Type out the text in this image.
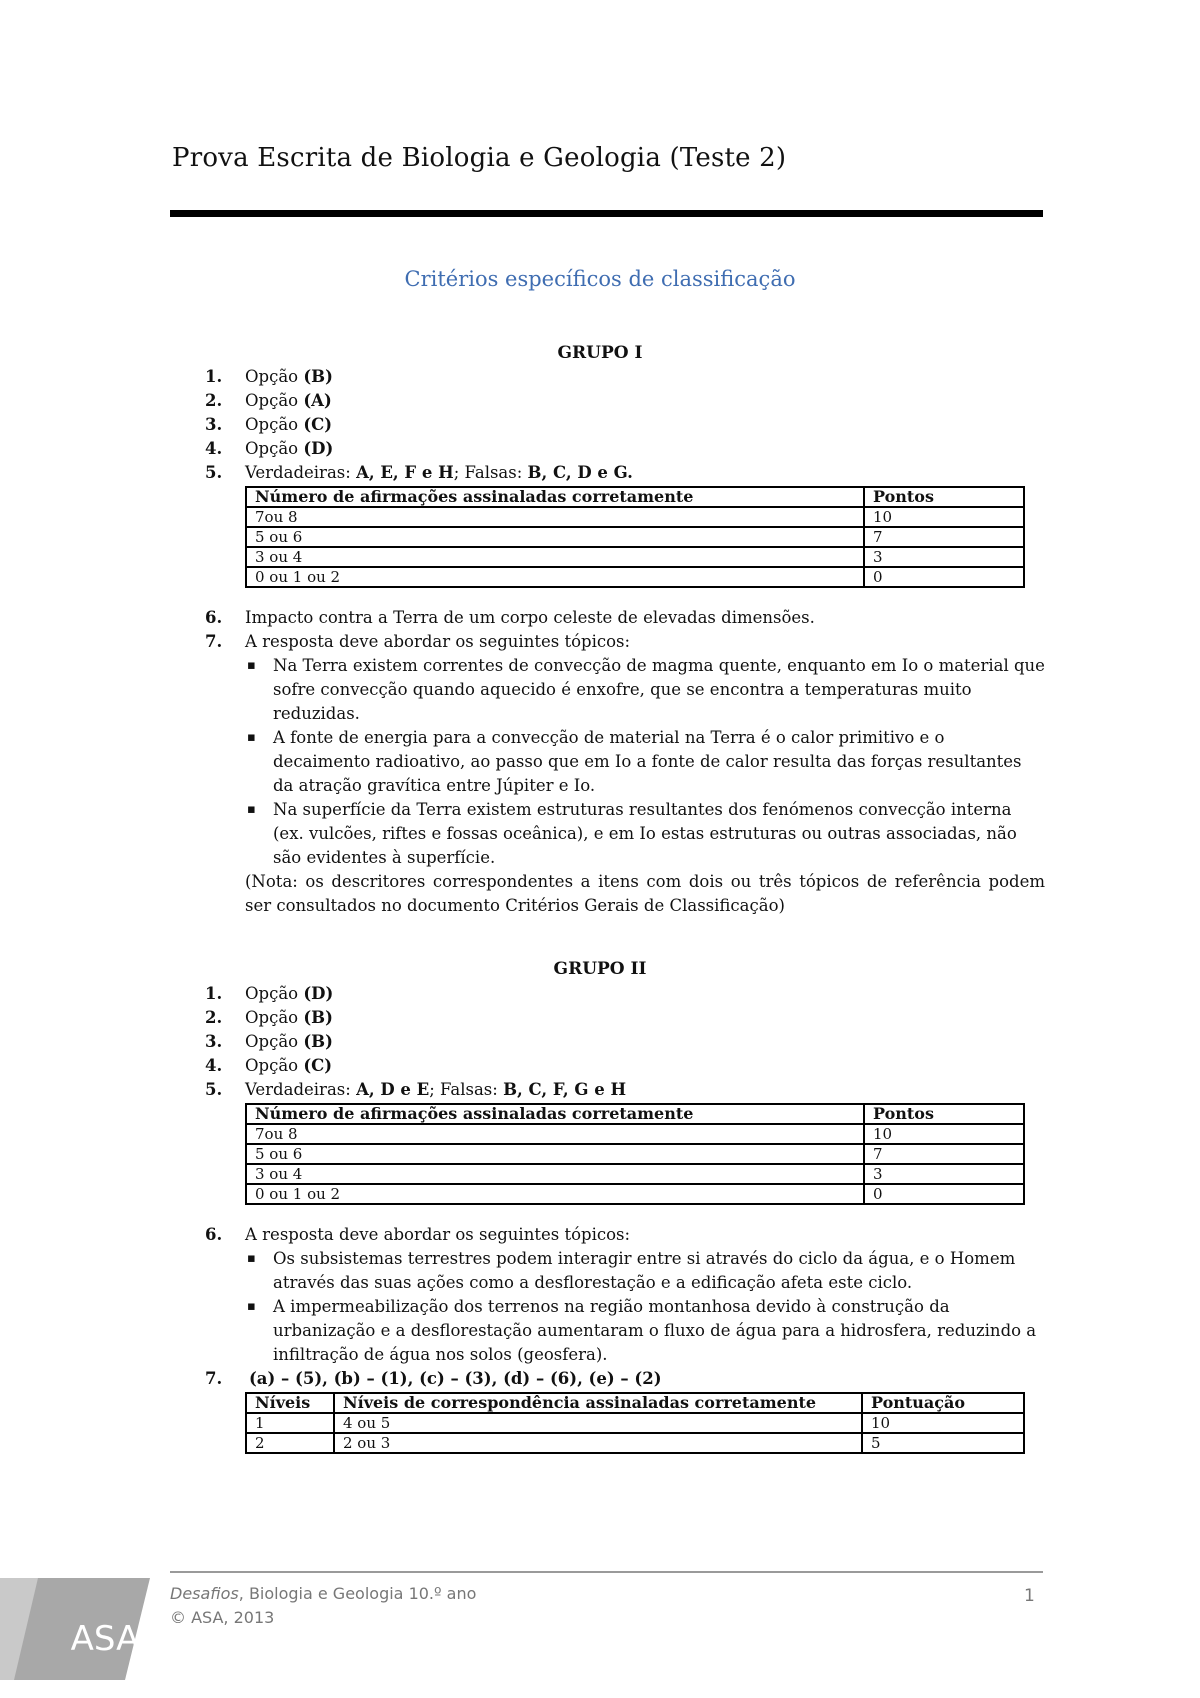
Prova Escrita de Biologia e Geologia (Teste 2)
Critérios específicos de classificação
GRUPO I
1. Opção (B)
2. Opção (A)
3. Opção (C)
4. Opção (D)
5. Verdadeiras: A, E, F e H; Falsas: B, C, D e G.
Número de afirmações assinaladas corretamente	Pontos
7ou 8	10
5 ou 6	7
3 ou 4	3
0 ou 1 ou 2	0
6. Impacto contra a Terra de um corpo celeste de elevadas dimensões.
7. A resposta deve abordar os seguintes tópicos:
▪ Na Terra existem correntes de convecção de magma quente, enquanto em Io o material que sofre convecção quando aquecido é enxofre, que se encontra a temperaturas muito reduzidas.
▪ A fonte de energia para a convecção de material na Terra é o calor primitivo e o decaimento radioativo, ao passo que em Io a fonte de calor resulta das forças resultantes da atração gravítica entre Júpiter e Io.
▪ Na superfície da Terra existem estruturas resultantes dos fenómenos convecção interna (ex. vulcões, riftes e fossas oceânica), e em Io estas estruturas ou outras associadas, não são evidentes à superfície.
(Nota: os descritores correspondentes a itens com dois ou três tópicos de referência podem ser consultados no documento Critérios Gerais de Classificação)
GRUPO II
1. Opção (D)
2. Opção (B)
3. Opção (B)
4. Opção (C)
5. Verdadeiras: A, D e E; Falsas: B, C, F, G e H
Número de afirmações assinaladas corretamente	Pontos
7ou 8	10
5 ou 6	7
3 ou 4	3
0 ou 1 ou 2	0
6. A resposta deve abordar os seguintes tópicos:
▪ Os subsistemas terrestres podem interagir entre si através do ciclo da água, e o Homem através das suas ações como a desflorestação e a edificação afeta este ciclo.
▪ A impermeabilização dos terrenos na região montanhosa devido à construção da urbanização e a desflorestação aumentaram o fluxo de água para a hidrosfera, reduzindo a infiltração de água nos solos (geosfera).
7. (a) – (5), (b) – (1), (c) – (3), (d) – (6), (e) – (2)
Níveis	Níveis de correspondência assinaladas corretamente	Pontuação
1	4 ou 5	10
2	2 ou 3	5
ASA
Desafios, Biologia e Geologia 10.º ano
© ASA, 2013
1
